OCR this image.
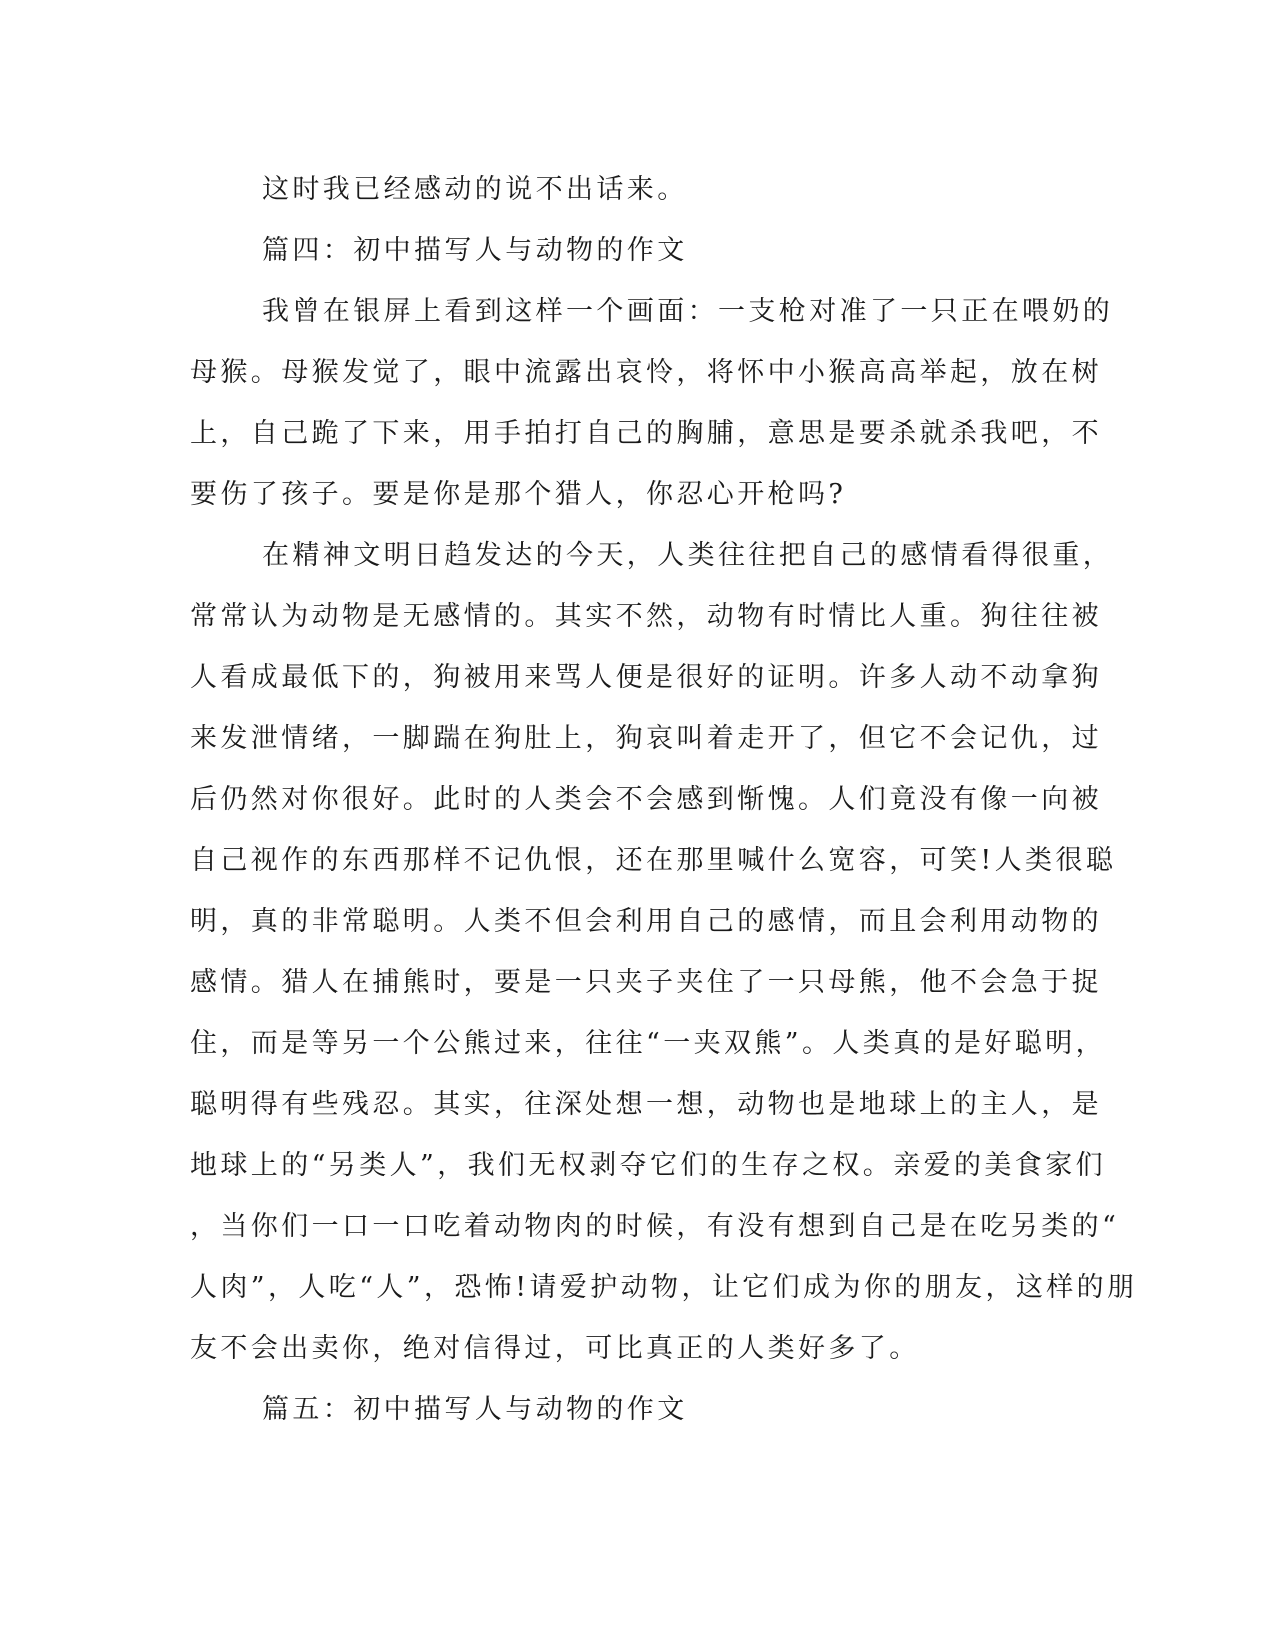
这时我已经感动的说不出话来。
篇四：初中描写人与动物的作文
我曾在银屏上看到这样一个画面：一支枪对准了一只正在喂奶的
母猴。母猴发觉了，眼中流露出哀怜，将怀中小猴高高举起，放在树
上，自己跪了下来，用手拍打自己的胸脯，意思是要杀就杀我吧，不
要伤了孩子。要是你是那个猎人，你忍心开枪吗?
在精神文明日趋发达的今天，人类往往把自己的感情看得很重，
常常认为动物是无感情的。其实不然，动物有时情比人重。狗往往被
人看成最低下的，狗被用来骂人便是很好的证明。许多人动不动拿狗
来发泄情绪，一脚踹在狗肚上，狗哀叫着走开了，但它不会记仇，过
后仍然对你很好。此时的人类会不会感到惭愧。人们竟没有像一向被
自己视作的东西那样不记仇恨，还在那里喊什么宽容，可笑!人类很聪
明，真的非常聪明。人类不但会利用自己的感情，而且会利用动物的
感情。猎人在捕熊时，要是一只夹子夹住了一只母熊，他不会急于捉
住，而是等另一个公熊过来，往往“一夹双熊”。人类真的是好聪明，
聪明得有些残忍。其实，往深处想一想，动物也是地球上的主人，是
地球上的“另类人”，我们无权剥夺它们的生存之权。亲爱的美食家们
，当你们一口一口吃着动物肉的时候，有没有想到自己是在吃另类的“
人肉”，人吃“人”，恐怖!请爱护动物，让它们成为你的朋友，这样的朋
友不会出卖你，绝对信得过，可比真正的人类好多了。
篇五：初中描写人与动物的作文
